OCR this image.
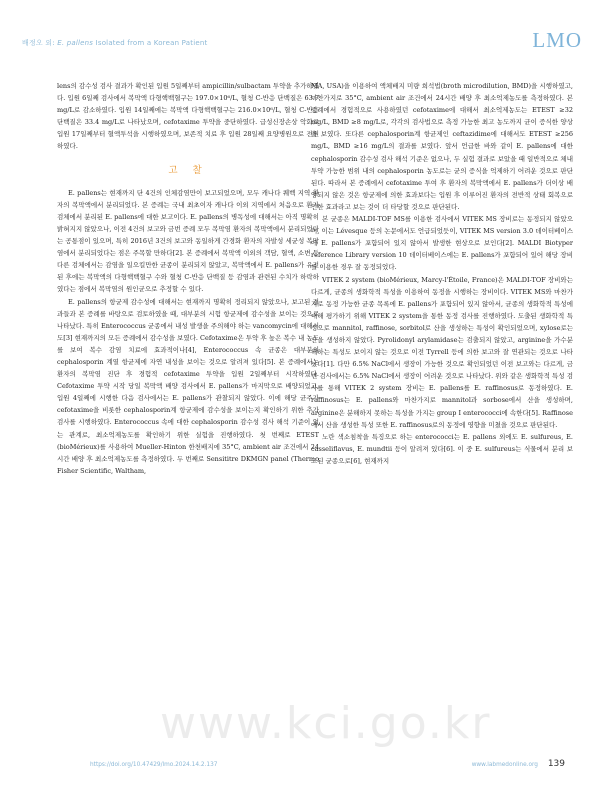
배정오 외: E. pallens Isolated from a Korean Patient	LMO

lens의 감수성 검사 결과가 확인된 입원 5일째부터 ampicillin/sulbactam 투약을 추가하였다. 입원 6일째 검사에서 복막액 다형핵백혈구는 197.0×10⁶/L, 혈청 C-반응 단백질은 63.7 mg/L로 감소하였다. 입원 14일째에는 복막액 다형핵백혈구는 216.0×10⁶/L, 혈청 C-반응 단백질은 33.4 mg/L로 나타났으며, cefotaxime 투약을 중단하였다. 급성신장손상 악화로 입원 17일째부터 혈액투석을 시행하였으며, 보존적 치료 후 입원 28일째 요양병원으로 전원하였다.

고 찰

E. pallens는 현재까지 단 4건의 인체감염만이 보고되었으며, 모두 캐나다 퀘벡 지역 환자의 복막액에서 분리되었다. 본 증례는 국내 최초이자 캐나다 이외 지역에서 처음으로 환자 검체에서 분리된 E. pallens에 대한 보고이다. E. pallens의 병독성에 대해서는 아직 명확히 밝혀지지 않았으나, 이전 4건의 보고와 금번 증례 모두 복막염 환자의 복막액에서 분리되었다는 공통점이 있으며, 특히 2016년 3건의 보고와 동일하게 간경화 환자의 자발성 세균성 복막염에서 분리되었다는 점은 주목할 만하다[2]. 본 증례에서 복막액 이외의 객담, 혈액, 소변 등 다른 검체에서는 감염을 일으킬만한 균종이 분리되지 않았고, 복막액에서 E. pallens가 유전된 후에는 복막액의 다형핵백혈구 수와 혈청 C-반응 단백질 등 감염과 관련된 수치가 하락하였다는 점에서 복막염의 원인균으로 추정할 수 있다.

E. pallens의 항균제 감수성에 대해서는 현재까지 명확히 정리되지 않았으나, 보고된 결과들과 본 증례를 바탕으로 검토하였을 때, 대부분의 시험 항균제에 감수성을 보이는 것으로 나타났다. 특히 Enterococcus 균종에서 내성 발생을 주의해야 하는 vancomycin에 대해서도[3] 현재까지의 모든 증례에서 감수성을 보였다. Cefotaxime은 투약 후 높은 복수 내 농도를 보여 복수 감염 치료에 효과적이나[4], Enterococcus 속 균종은 대부분의 cephalosporin 계열 항균제에 자연 내성을 보이는 것으로 알려져 있다[5]. 본 증례에서는 환자의 복막염 진단 후 경험적 cefotaxime 투약을 입원 2일째부터 시작하였다. Cefotaxime 투약 시작 당일 복막액 배양 검사에서 E. pallens가 마지막으로 배양되었고, 입원 4일째에 시행한 다음 검사에서는 E. pallens가 관찰되지 않았다. 이에 해당 균주가 cefotaxime을 비롯한 cephalosporin계 항균제에 감수성을 보이는지 확인하기 위한 추가 검사를 시행하였다. Enterococcus 속에 대한 cephalosporin 감수성 검사 해석 기준이 없는 관계로, 최소억제농도를 확인하기 위한 실험을 진행하였다. 첫 번째로 ETEST (bioMérieux)를 사용하여 Mueller-Hinton 한천배지에 35°C, ambient air 조건에서 24시간 배양 후 최소억제농도를 측정하였다. 두 번째로 Sensititre DKMGN panel (Thermo Fisher Scientific, Waltham,

MA, USA)을 이용하여 액체배지 미량 희석법(broth microdilution, BMD)을 시행하였고, 마찬가지로 35°C, ambient air 조건에서 24시간 배양 후 최소억제농도를 측정하였다. 본 증례에서 경험적으로 사용하였던 cefotaxime에 대해서 최소억제농도는 ETEST ≥32 mg/L, BMD ≥8 mg/L로, 각각의 검사법으로 측정 가능한 최고 농도까지 균이 증식한 양상을 보였다. 또다른 cephalosporin계 항균제인 ceftazidime에 대해서도 ETEST ≥256 mg/L, BMD ≥16 mg/L의 결과를 보였다. 앞서 언급한 바와 같이 E. pallens에 대한 cephalosporin 감수성 검사 해석 기준은 없으나, 두 실험 결과로 보았을 때 일반적으로 체내 투약 가능한 범위 내의 cephalosporin 농도로는 균의 증식을 억제하기 어려운 것으로 판단된다. 따라서 본 증례에서 cefotaxime 투여 후 환자의 복막액에서 E. pallens가 더이상 배양되지 않은 것은 항균제에 의한 효과보다는 입원 후 이루어진 환자의 전반적 상태 회복으로 인한 효과라고 보는 것이 더 타당할 것으로 판단된다.

본 균종은 MALDI-TOF MS를 이용한 검사에서 VITEK MS 장비로는 동정되지 않았으며, 이는 Lévesque 등의 논문에서도 언급되었듯이, VITEK MS version 3.0 데이터베이스에 E. pallens가 포함되어 있지 않아서 발생한 현상으로 보인다[2]. MALDI Biotyper reference Library version 10 데이터베이스에는 E. pallens가 포함되어 있어 해당 장비를 이용한 경우 잘 동정되었다.

VITEK 2 system (bioMérieux, Marcy-l'Étoile, France)은 MALDI-TOF 장비와는 다르게, 균종의 생화학적 특성을 이용하여 동정을 시행하는 장비이다. VITEK MS와 마찬가지로 동정 가능한 균종 목록에 E. pallens가 포함되어 있지 않아서, 균종의 생화학적 특성에 대해 평가하기 위해 VITEK 2 system을 통한 동정 검사를 진행하였다. 도출된 생화학적 특성으로 mannitol, raffinose, sorbitol로 산을 생성하는 특성이 확인되었으며, xylose로는 산을 생성하지 않았다. Pyrolidonyl arylamidase는 검출되지 않았고, arginine을 가수분해하는 특성도 보이지 않는 것으로 이전 Tyrrell 등에 의한 보고와 잘 연관되는 것으로 나타났다[1]. 다만 6.5% NaCl에서 생장이 가능한 것으로 확인되었던 이전 보고와는 다르게, 금번 검사에서는 6.5% NaCl에서 생장이 어려운 것으로 나타났다. 위와 같은 생화학적 특성 검사를 통해 VITEK 2 system 장비는 E. pallens를 E. raffinosus로 동정하였다. E. raffinosus는 E. pallens와 마찬가지로 mannitol과 sorbose에서 산을 생성하며, arginine은 분해하지 못하는 특성을 가지는 group I enterococci에 속한다[5]. Raffinose에서 산을 생성한 특성 또한 E. raffinosus로의 동정에 영향을 미쳤을 것으로 판단된다.

노란 색소침착을 특징으로 하는 enterococci는 E. pallens 외에도 E. sulfureus, E. casseliflavus, E. mundtii 등이 알려져 있다[6]. 이 중 E. sulfureus는 식물에서 분리 보고된 균종으로[6], 현재까지

www.kci.go.kr
https://doi.org/10.47429/lmo.2024.14.2.137	www.labmedonline.org 139
